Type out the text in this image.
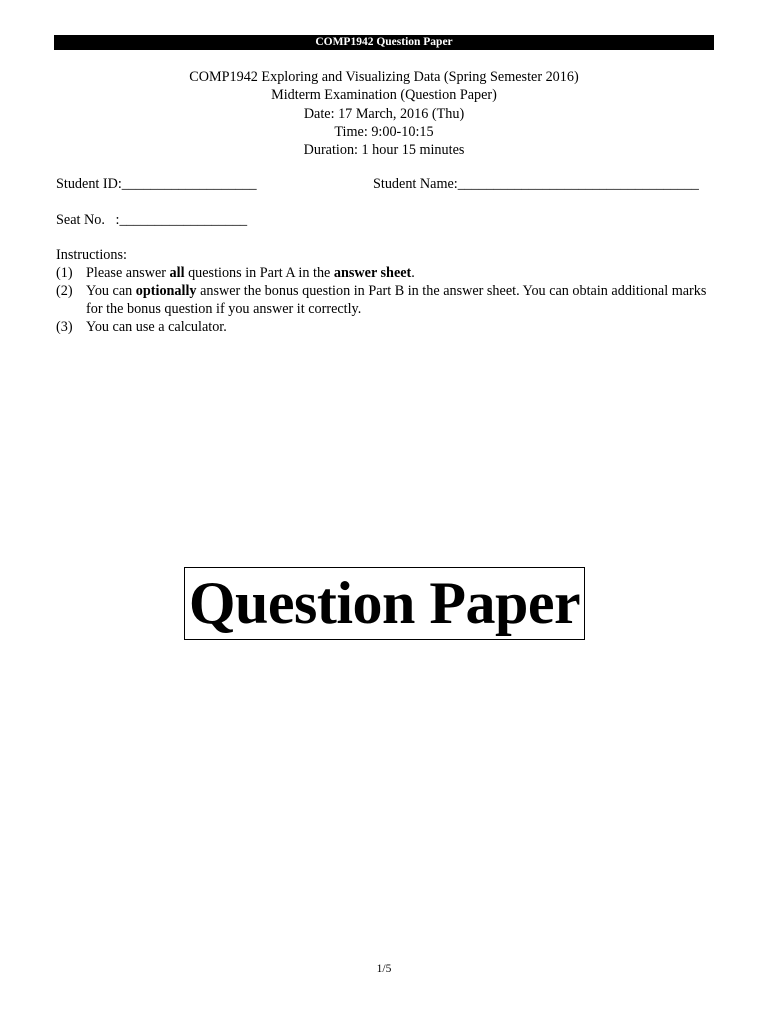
COMP1942 Question Paper
COMP1942 Exploring and Visualizing Data (Spring Semester 2016)
Midterm Examination (Question Paper)
Date: 17 March, 2016 (Thu)
Time: 9:00-10:15
Duration: 1 hour 15 minutes
Student ID:___________________	Student Name:__________________________________
Seat No.   :__________________
Instructions:
(1) Please answer all questions in Part A in the answer sheet.
(2) You can optionally answer the bonus question in Part B in the answer sheet. You can obtain additional marks for the bonus question if you answer it correctly.
(3) You can use a calculator.
Question Paper
1/5
